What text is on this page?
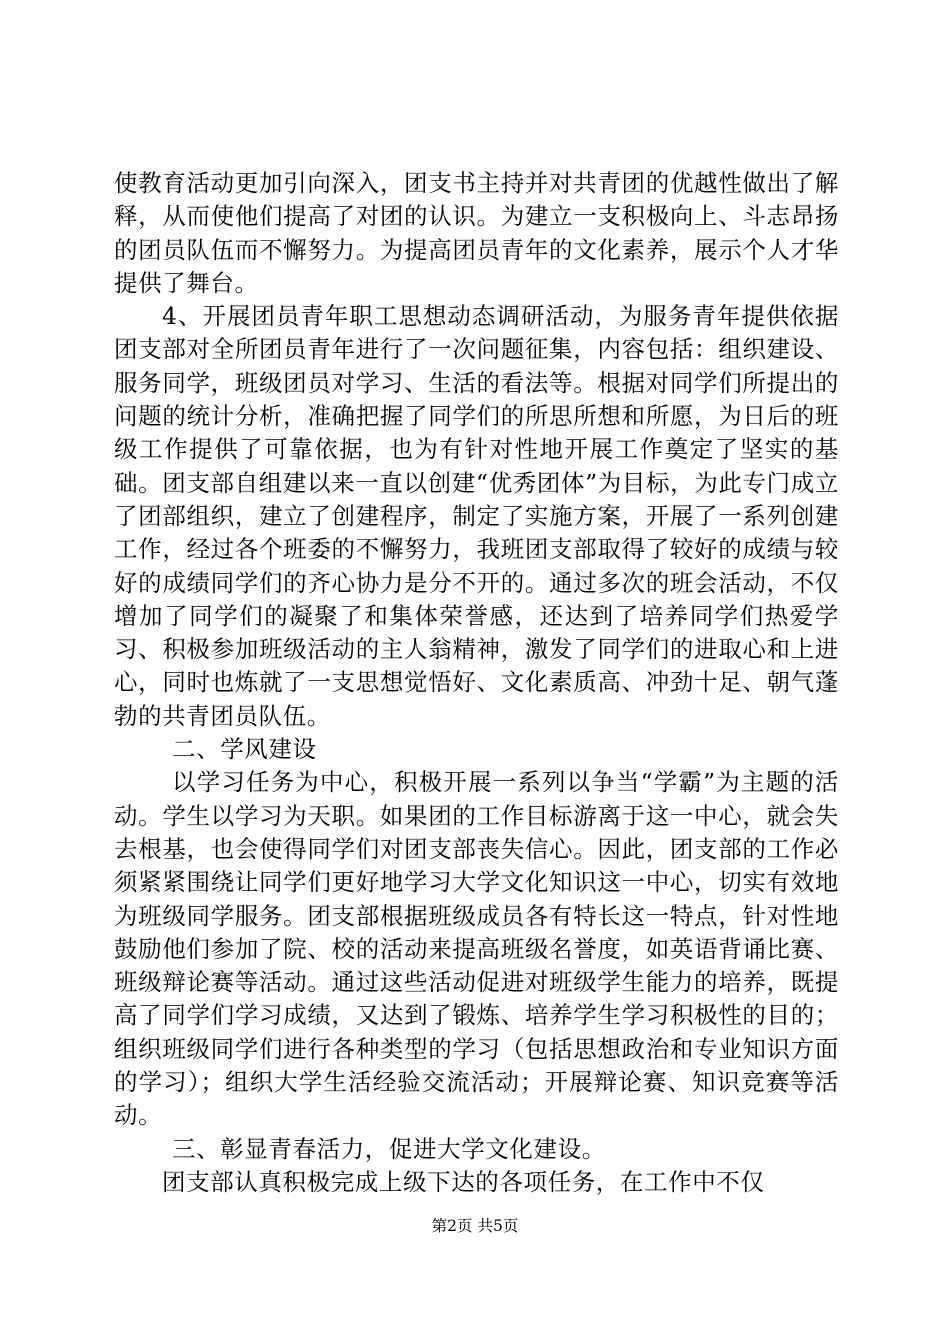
使教育活动更加引向深入，团支书主持并对共青团的优越性做出了解释，从而使他们提高了对团的认识。为建立一支积极向上、斗志昂扬的团员队伍而不懈努力。为提高团员青年的文化素养，展示个人才华提供了舞台。

4、开展团员青年职工思想动态调研活动，为服务青年提供依据团支部对全所团员青年进行了一次问题征集，内容包括：组织建设、服务同学，班级团员对学习、生活的看法等。根据对同学们所提出的问题的统计分析，准确把握了同学们的所思所想和所愿，为日后的班级工作提供了可靠依据，也为有针对性地开展工作奠定了坚实的基础。团支部自组建以来一直以创建“优秀团体”为目标，为此专门成立了团部组织，建立了创建程序，制定了实施方案，开展了一系列创建工作，经过各个班委的不懈努力，我班团支部取得了较好的成绩与较好的成绩同学们的齐心协力是分不开的。通过多次的班会活动，不仅增加了同学们的凝聚了和集体荣誉感，还达到了培养同学们热爱学习、积极参加班级活动的主人翁精神，激发了同学们的进取心和上进心，同时也炼就了一支思想觉悟好、文化素质高、冲劲十足、朝气蓬勃的共青团员队伍。

二、学风建设

以学习任务为中心，积极开展一系列以争当“学霸”为主题的活动。学生以学习为天职。如果团的工作目标游离于这一中心，就会失去根基，也会使得同学们对团支部丧失信心。因此，团支部的工作必须紧紧围绕让同学们更好地学习大学文化知识这一中心，切实有效地为班级同学服务。团支部根据班级成员各有特长这一特点，针对性地鼓励他们参加了院、校的活动来提高班级名誉度，如英语背诵比赛、班级辩论赛等活动。通过这些活动促进对班级学生能力的培养，既提高了同学们学习成绩，又达到了锻炼、培养学生学习积极性的目的；组织班级同学们进行各种类型的学习（包括思想政治和专业知识方面的学习）；组织大学生活经验交流活动；开展辩论赛、知识竞赛等活动。

三、彰显青春活力，促进大学文化建设。

团支部认真积极完成上级下达的各项任务，在工作中不仅

第2页 共5页
